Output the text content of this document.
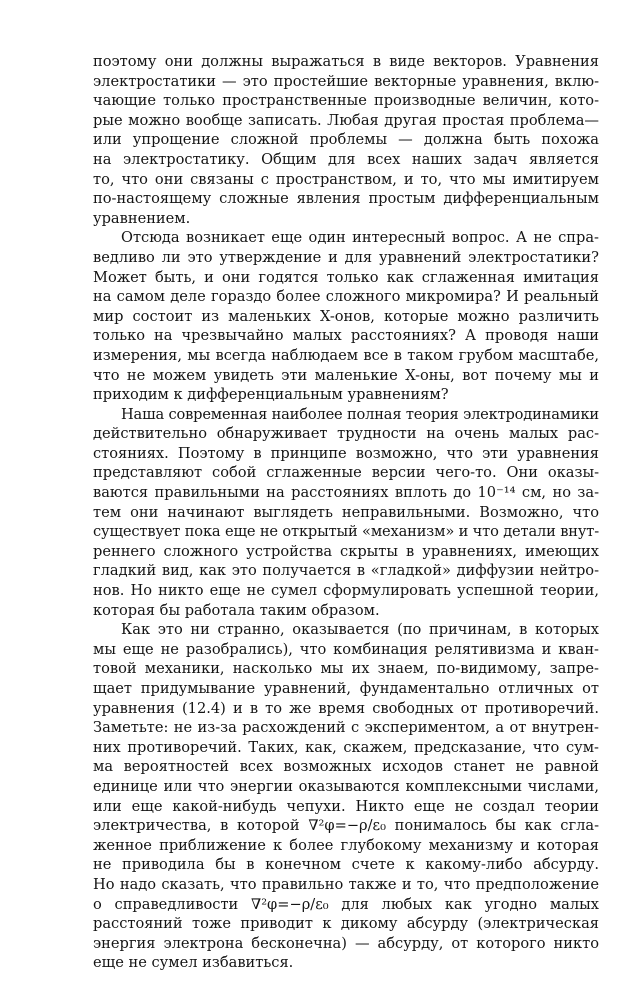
поэтому они должны выражаться в виде векторов. Уравнения
электростатики — это простейшие векторные уравнения, вклю-
чающие только пространственные производные величин, кото-
рые можно вообще записать. Любая другая простая проблема—
или упрощение сложной проблемы — должна быть похожа
на электростатику. Общим для всех наших задач является
то, что они связаны с пространством, и то, что мы имитируем
по-настоящему сложные явления простым дифференциальным
уравнением.
Отсюда возникает еще один интересный вопрос. А не спра-
ведливо ли это утверждение и для уравнений электростатики?
Может быть, и они годятся только как сглаженная имитация
на самом деле гораздо более сложного микромира? И реальный
мир состоит из маленьких X-онов, которые можно различить
только на чрезвычайно малых расстояниях? А проводя наши
измерения, мы всегда наблюдаем все в таком грубом масштабе,
что не можем увидеть эти маленькие X-оны, вот почему мы и
приходим к дифференциальным уравнениям?
Наша современная наиболее полная теория электродинамики
действительно обнаруживает трудности на очень малых рас-
стояниях. Поэтому в принципе возможно, что эти уравнения
представляют собой сглаженные версии чего-то. Они оказы-
ваются правильными на расстояниях вплоть до 10⁻¹⁴ см, но за-
тем они начинают выглядеть неправильными. Возможно, что
существует пока еще не открытый «механизм» и что детали внут-
реннего сложного устройства скрыты в уравнениях, имеющих
гладкий вид, как это получается в «гладкой» диффузии нейтро-
нов. Но никто еще не сумел сформулировать успешной теории,
которая бы работала таким образом.
Как это ни странно, оказывается (по причинам, в которых
мы еще не разобрались), что комбинация релятивизма и кван-
товой механики, насколько мы их знаем, по-видимому, запре-
щает придумывание уравнений, фундаментально отличных от
уравнения (12.4) и в то же время свободных от противоречий.
Заметьте: не из-за расхождений с экспериментом, а от внутрен-
них противоречий. Таких, как, скажем, предсказание, что сум-
ма вероятностей всех возможных исходов станет не равной
единице или что энергии оказываются комплексными числами,
или еще какой-нибудь чепухи. Никто еще не создал теории
электричества, в которой ∇²φ=−ρ/ε₀ понималось бы как сгла-
женное приближение к более глубокому механизму и которая
не приводила бы в конечном счете к какому-либо абсурду.
Но надо сказать, что правильно также и то, что предположение
о справедливости ∇²φ=−ρ/ε₀ для любых как угодно малых
расстояний тоже приводит к дикому абсурду (электрическая
энергия электрона бесконечна) — абсурду, от которого никто
еще не сумел избавиться.
